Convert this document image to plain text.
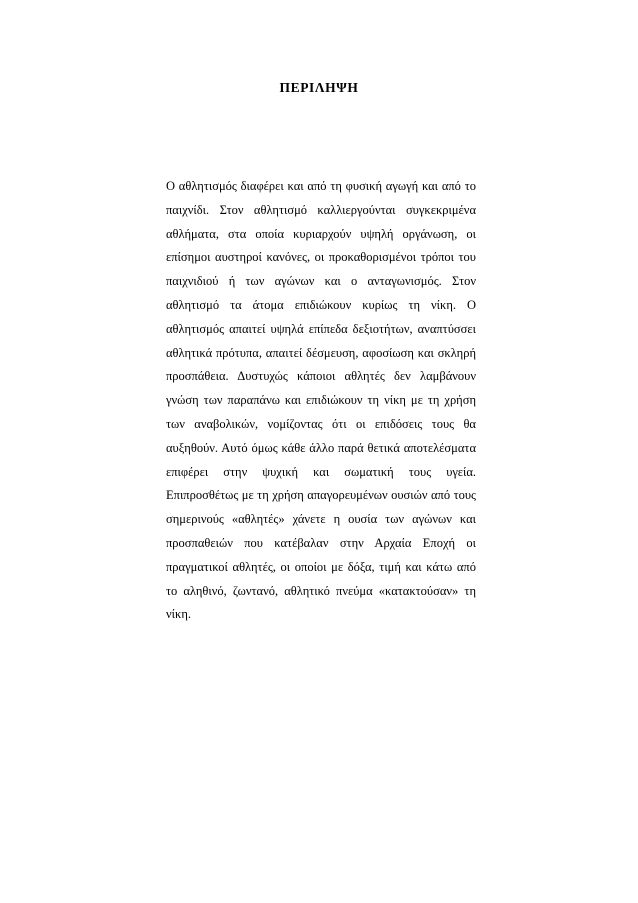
ΠΕΡΙΛΗΨΗ

Ο αθλητισμός διαφέρει και από τη φυσική αγωγή και από το παιχνίδι. Στον αθλητισμό καλλιεργούνται συγκεκριμένα αθλήματα, στα οποία κυριαρχούν υψηλή οργάνωση, οι επίσημοι αυστηροί κανόνες, οι προκαθορισμένοι τρόποι του παιχνιδιού ή των αγώνων και ο ανταγωνισμός. Στον αθλητισμό τα άτομα επιδιώκουν κυρίως τη νίκη. Ο αθλητισμός απαιτεί υψηλά επίπεδα δεξιοτήτων, αναπτύσσει αθλητικά πρότυπα, απαιτεί δέσμευση, αφοσίωση και σκληρή προσπάθεια. Δυστυχώς κάποιοι αθλητές δεν λαμβάνουν γνώση των παραπάνω και επιδιώκουν τη νίκη με τη χρήση των αναβολικών, νομίζοντας ότι οι επιδόσεις τους θα αυξηθούν. Αυτό όμως κάθε άλλο παρά θετικά αποτελέσματα επιφέρει στην ψυχική και σωματική τους υγεία. Επιπροσθέτως με τη χρήση απαγορευμένων ουσιών από τους σημερινούς «αθλητές» χάνετε η ουσία των αγώνων και προσπαθειών που κατέβαλαν στην Αρχαία Εποχή οι πραγματικοί αθλητές, οι οποίοι με δόξα, τιμή και κάτω από το αληθινό, ζωντανό, αθλητικό πνεύμα «κατακτούσαν» τη νίκη.
